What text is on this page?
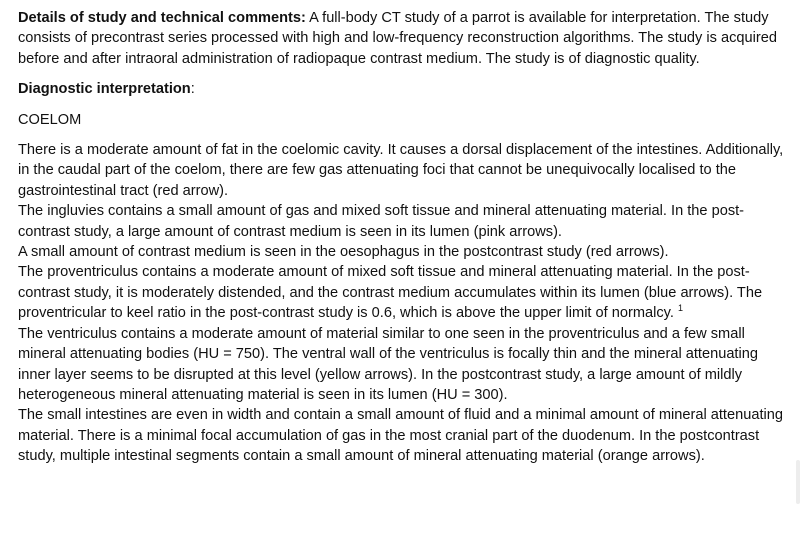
Details of study and technical comments: A full-body CT study of a parrot is available for interpretation. The study consists of precontrast series processed with high and low-frequency reconstruction algorithms. The study is acquired before and after intraoral administration of radiopaque contrast medium. The study is of diagnostic quality.

Diagnostic interpretation:

COELOM

There is a moderate amount of fat in the coelomic cavity. It causes a dorsal displacement of the intestines. Additionally, in the caudal part of the coelom, there are few gas attenuating foci that cannot be unequivocally localised to the gastrointestinal tract (red arrow).

The ingluvies contains a small amount of gas and mixed soft tissue and mineral attenuating material. In the post-contrast study, a large amount of contrast medium is seen in its lumen (pink arrows).

A small amount of contrast medium is seen in the oesophagus in the postcontrast study (red arrows).

The proventriculus contains a moderate amount of mixed soft tissue and mineral attenuating material. In the post-contrast study, it is moderately distended, and the contrast medium accumulates within its lumen (blue arrows). The proventricular to keel ratio in the post-contrast study is 0.6, which is above the upper limit of normalcy. $^1$

The ventriculus contains a moderate amount of material similar to one seen in the proventriculus and a few small mineral attenuating bodies (HU = 750). The ventral wall of the ventriculus is focally thin and the mineral attenuating inner layer seems to be disrupted at this level (yellow arrows). In the postcontrast study, a large amount of mildly heterogeneous mineral attenuating material is seen in its lumen (HU = 300).

The small intestines are even in width and contain a small amount of fluid and a minimal amount of mineral attenuating material. There is a minimal focal accumulation of gas in the most cranial part of the duodenum. In the postcontrast study, multiple intestinal segments contain a small amount of mineral attenuating material (orange arrows).
